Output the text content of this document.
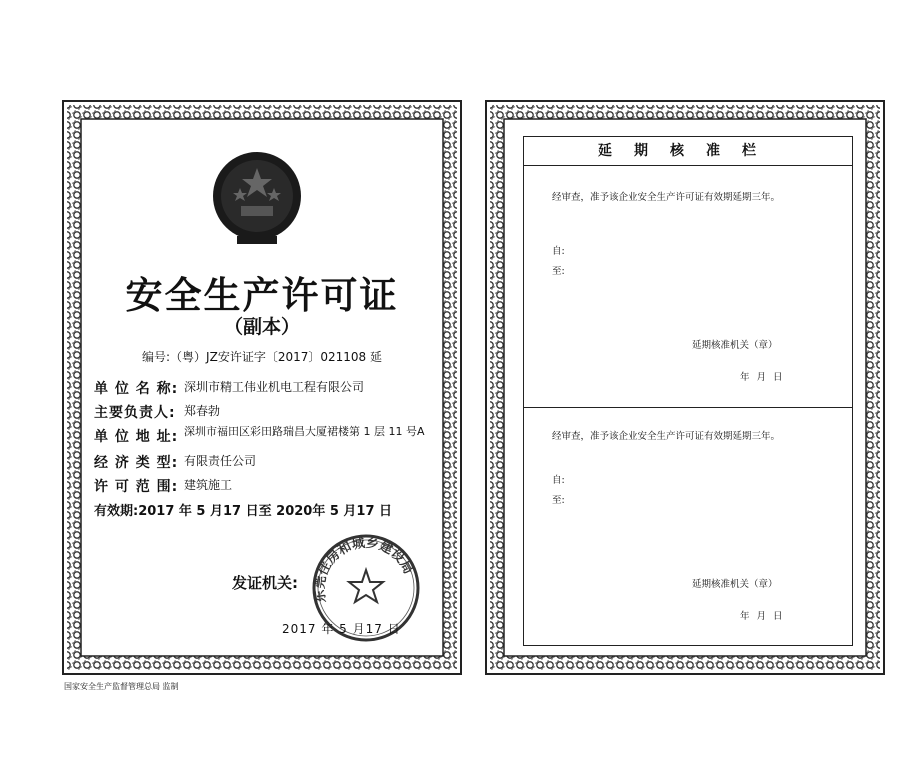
安全生产许可证
（副本）
编号:（粤）JZ安许证字〔2017〕021108 延
单 位 名 称: 深圳市精工伟业机电工程有限公司
主要负责人: 郑春勃
单 位 地 址: 深圳市福田区彩田路瑞昌大厦裙楼第 1 层 11 号A
经 济 类 型: 有限责任公司
许 可 范 围: 建筑施工
有效期:2017 年 5 月17 日至 2020年 5 月17 日
发证机关:
东莞住房和城乡建设局
2017 年 5 月17 日
国家安全生产监督管理总局 监制
延期核准栏
经审查，准予该企业安全生产许可证有效期延期三年。
自:
至:
延期核准机关（章）
年 月 日
经审查，准予该企业安全生产许可证有效期延期三年。
自:
至:
延期核准机关（章）
年 月 日
